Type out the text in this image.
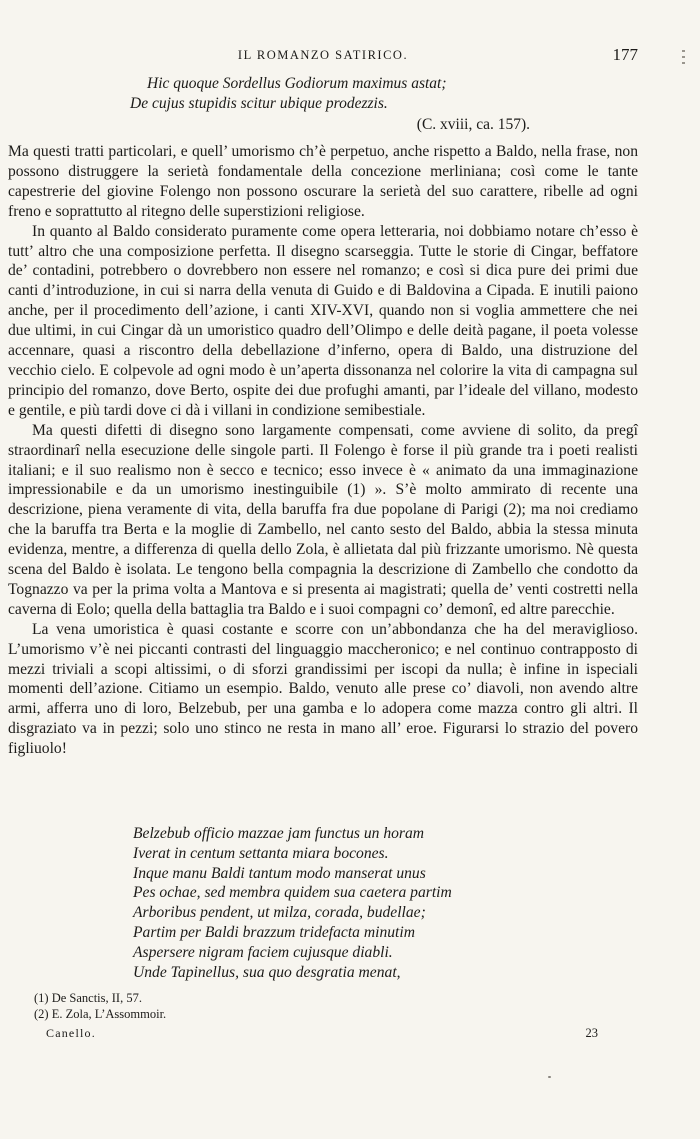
IL ROMANZO SATIRICO.	177
Hic quoque Sordellus Godiorum maximus astat;
De cujus stupidis scitur ubique prodezzis.
(C. xviii, ca. 157).

Ma questi tratti particolari, e quell’ umorismo ch’è perpetuo, anche rispetto a Baldo, nella frase, non possono distruggere la serietà fondamentale della concezione merliniana; così come le tante capestrerie del giovine Folengo non possono oscurare la serietà del suo carattere, ribelle ad ogni freno e soprattutto al ritegno delle superstizioni religiose.

In quanto al Baldo considerato puramente come opera letteraria, noi dobbiamo notare ch’esso è tutt’ altro che una composizione perfetta. Il disegno scarseggia. Tutte le storie di Cingar, beffatore de’ contadini, potrebbero o dovrebbero non essere nel romanzo; e così si dica pure dei primi due canti d’introduzione, in cui si narra della venuta di Guido e di Baldovina a Cipada. E inutili paiono anche, per il procedimento dell’azione, i canti XIV-XVI, quando non si voglia ammettere che nei due ultimi, in cui Cingar dà un umoristico quadro dell’Olimpo e delle deità pagane, il poeta volesse accennare, quasi a riscontro della debellazione d’inferno, opera di Baldo, una distruzione del vecchio cielo. E colpevole ad ogni modo è un’aperta dissonanza nel colorire la vita di campagna sul principio del romanzo, dove Berto, ospite dei due profughi amanti, par l’ideale del villano, modesto e gentile, e più tardi dove ci dà i villani in condizione semibestiale.

Ma questi difetti di disegno sono largamente compensati, come avviene di solito, da pregî straordinarî nella esecuzione delle singole parti. Il Folengo è forse il più grande tra i poeti realisti italiani; e il suo realismo non è secco e tecnico; esso invece è « animato da una immaginazione impressionabile e da un umorismo inestinguibile (1) ». S’è molto ammirato di recente una descrizione, piena veramente di vita, della baruffa fra due popolane di Parigi (2); ma noi crediamo che la baruffa tra Berta e la moglie di Zambello, nel canto sesto del Baldo, abbia la stessa minuta evidenza, mentre, a differenza di quella dello Zola, è allietata dal più frizzante umorismo. Nè questa scena del Baldo è isolata. Le tengono bella compagnia la descrizione di Zambello che condotto da Tognazzo va per la prima volta a Mantova e si presenta ai magistrati; quella de’ venti costretti nella caverna di Eolo; quella della battaglia tra Baldo e i suoi compagni co’ demonî, ed altre parecchie.

La vena umoristica è quasi costante e scorre con un’abbondanza che ha del meraviglioso. L’umorismo v’è nei piccanti contrasti del linguaggio maccheronico; e nel continuo contrapposto di mezzi triviali a scopi altissimi, o di sforzi grandissimi per iscopi da nulla; è infine in ispeciali momenti dell’azione. Citiamo un esempio. Baldo, venuto alle prese co’ diavoli, non avendo altre armi, afferra uno di loro, Belzebub, per una gamba e lo adopera come mazza contro gli altri. Il disgraziato va in pezzi; solo uno stinco ne resta in mano all’ eroe. Figurarsi lo strazio del povero figliuolo!

Belzebub officio mazzae jam functus un horam
Iverat in centum settanta miara bocones.
Inque manu Baldi tantum modo manserat unus
Pes ochae, sed membra quidem sua caetera partim
Arboribus pendent, ut milza, corada, budellae;
Partim per Baldi brazzum tridefacta minutim
Aspersere nigram faciem cujusque diabli.
Unde Tapinellus, sua quo desgratia menat,
(1) De Sanctis, II, 57.
(2) E. Zola, L’Assommoir.
Canello.	23
